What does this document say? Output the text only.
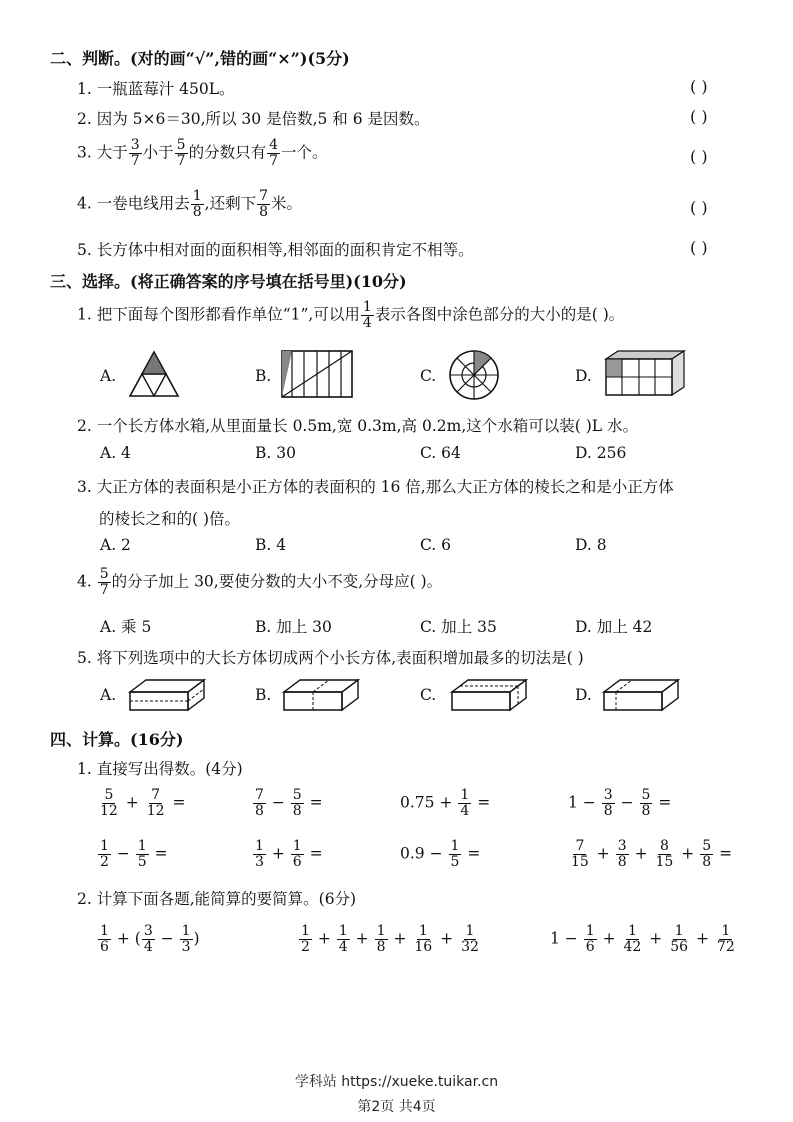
二、判断。(对的画“√”,错的画“×”)(5分)
1. 一瓶蓝莓汁 450L。	( )
2. 因为 5×6＝30,所以 30 是倍数,5 和 6 是因数。	( )
3. 大于 $\frac{3}{7}$ 小于 $\frac{5}{7}$ 的分数只有 $\frac{4}{7}$ 一个。	( )
4. 一卷电线用去 $\frac{1}{8}$ ,还剩下 $\frac{7}{8}$ 米。	( )
5. 长方体中相对面的面积相等,相邻面的面积肯定不相等。	( )
三、选择。(将正确答案的序号填在括号里)(10分)
1. 把下面每个图形都看作单位“1”,可以用 $\frac{1}{4}$ 表示各图中涂色部分的大小的是( )。
A.	B.	C.	D.
2. 一个长方体水箱,从里面量长 0.5m,宽 0.3m,高 0.2m,这个水箱可以装( )L 水。
A. 4	B. 30	C. 64	D. 256
3. 大正方体的表面积是小正方体的表面积的 16 倍,那么大正方体的棱长之和是小正方体
的棱长之和的( )倍。
A. 2	B. 4	C. 6	D. 8
4. $\frac{5}{7}$ 的分子加上 30,要使分数的大小不变,分母应( )。
A. 乘 5	B. 加上 30	C. 加上 35	D. 加上 42
5. 将下列选项中的大长方体切成两个小长方体,表面积增加最多的切法是( )
A.	B.	C.	D.
四、计算。(16分)
1. 直接写出得数。(4分)
$\frac{5}{12} + \frac{7}{12}$ =	$\frac{7}{8} - \frac{5}{8}$ =	$0.75 + \frac{1}{4}$ =	$1 - \frac{3}{8} - \frac{5}{8}$ =
$\frac{1}{2} - \frac{1}{5}$ =	$\frac{1}{3} + \frac{1}{6}$ =	$0.9 - \frac{1}{5}$ =	$\frac{7}{15} + \frac{3}{8} + \frac{8}{15} + \frac{5}{8}$ =
2. 计算下面各题,能简算的要简算。(6分)
$\frac{1}{6}$ + ( $\frac{3}{4} - \frac{1}{3}$ )	$\frac{1}{2} + \frac{1}{4} + \frac{1}{8} + \frac{1}{16} + \frac{1}{32}$	$1 - \frac{1}{6} + \frac{1}{42} + \frac{1}{56} + \frac{1}{72}$
学科站 https://xueke.tuikar.cn
第2页 共4页
